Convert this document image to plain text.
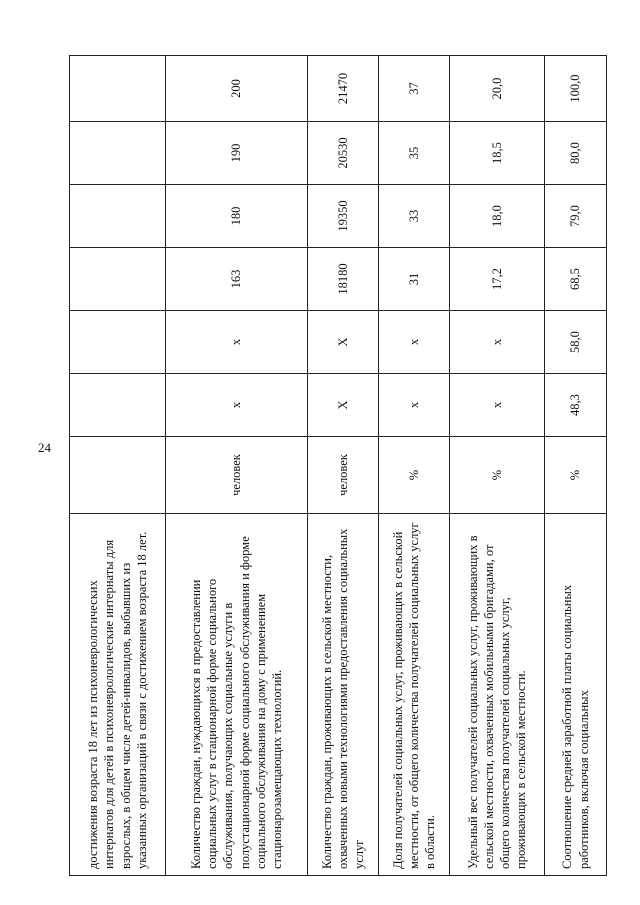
24
достижения возраста 18 лет из психоневрологических интернатов для детей в психоневрологические интернаты для взрослых, в общем числе детей-инвалидов, выбывших из указанных организаций в связи с достижением возраста 18 лет.							
Количество граждан, нуждающихся в предоставлении социальных услуг в стационарной форме социального обслуживания, получающих социальные услуги в полустационарной форме социального обслуживания и форме социального обслуживания на дому с применением стационарозамещающих технологий.	человек	х	х	163	180	190	200
Количество граждан, проживающих в сельской местности, охваченных новыми технологиями предоставления социальных услуг	человек	Х	Х	18180	19350	20530	21470
Доля получателей социальных услуг, проживающих в сельской местности, от общего количества получателей социальных услуг в области.	%	х	х	31	33	35	37
Удельный вес получателей социальных услуг, проживающих в сельской местности, охваченных мобильными бригадами, от общего количества получателей социальных услуг, проживающих в сельской местности.	%	х	х	17,2	18,0	18,5	20,0
Соотношение средней заработной платы социальных работников, включая социальных	%	48,3	58,0	68,5	79,0	80,0	100,0
